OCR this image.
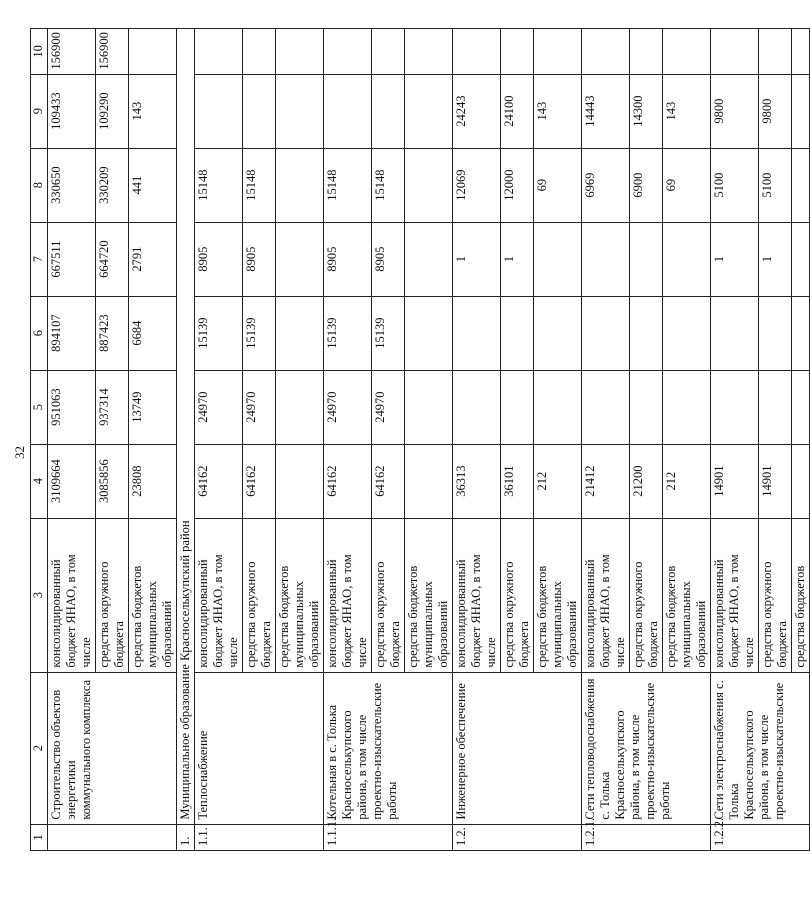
32
1	2	3	4	5	6	7	8	9	10
	Строительство объектов энергетики коммунального комплекса	консолидированный бюджет ЯНАО, в том числе	3109664	951063	894107	667511	330650	109433	156900
		средства окружного бюджета	3085856	937314	887423	664720	330209	109290	156900
		средства бюджетов муниципальных образований	23808	13749	6684	2791	441	143	
1.	Муниципальное образование Красноселькупский район								
1.1.	Теплоснабжение	консолидированный бюджет ЯНАО, в том числе	64162	24970	15139	8905	15148		
		средства окружного бюджета	64162	24970	15139	8905	15148		
		средства бюджетов муниципальных образований							
1.1.1.	Котельная в с. Толька Красноселькупского района, в том числе проектно-изыскательские работы	консолидированный бюджет ЯНАО, в том числе	64162	24970	15139	8905	15148		
		средства окружного бюджета	64162	24970	15139	8905	15148		
		средства бюджетов муниципальных образований							
1.2.	Инженерное обеспечение	консолидированный бюджет ЯНАО, в том числе	36313			1	12069	24243	
		средства окружного бюджета	36101			1	12000	24100	
		средства бюджетов муниципальных образований	212				69	143	
1.2.1.	Сети тепловодоснабжения с. Толька Красноселькупского района, в том числе проектно-изыскательские работы	консолидированный бюджет ЯНАО, в том числе	21412				6969	14443	
		средства окружного бюджета	21200				6900	14300	
		средства бюджетов муниципальных образований	212				69	143	
1.2.2.	Сети электроснабжения с. Толька Красноселькупского района, в том числе проектно-изыскательские	консолидированный бюджет ЯНАО, в том числе	14901			1	5100	9800	
		средства окружного бюджета	14901			1	5100	9800	
		средства бюджетов							
